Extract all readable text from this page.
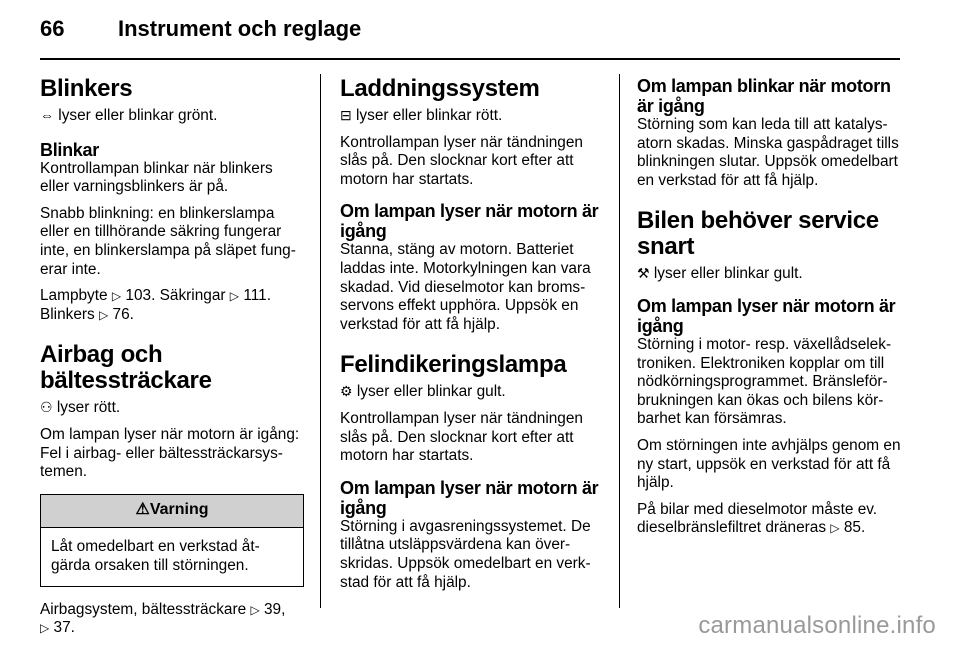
66 Instrument och reglage
Blinkers

⇔ lyser eller blinkar grönt.

Blinkar

Kontrollampan blinkar när blinkers eller varningsblinkers är på.

Snabb blinkning: en blinkerslampa eller en tillhörande säkring fungerar inte, en blinkerslampa på släpet fungerar inte.

Lampbyte ▷ 103. Säkringar ▷ 111.
Blinkers ▷ 76.

Airbag och bältessträckare

⚇ lyser rött.

Om lampan lyser när motorn är igång: Fel i airbag- eller bältessträckarsystemen.

⚠Varning

Låt omedelbart en verkstad åtgärda orsaken till störningen.

Airbagsystem, bältessträckare ▷ 39,
▷ 37.

Laddningssystem

⊟ lyser eller blinkar rött.

Kontrollampan lyser när tändningen slås på. Den slocknar kort efter att motorn har startats.

Om lampan lyser när motorn är igång

Stanna, stäng av motorn. Batteriet laddas inte. Motorkylningen kan vara skadad. Vid dieselmotor kan bromsservons effekt upphöra. Uppsök en verkstad för att få hjälp.

Felindikeringslampa

⚙ lyser eller blinkar gult.

Kontrollampan lyser när tändningen slås på. Den slocknar kort efter att motorn har startats.

Om lampan lyser när motorn är igång

Störning i avgasreningssystemet. De tillåtna utsläppsvärdena kan överskridas. Uppsök omedelbart en verkstad för att få hjälp.

Om lampan blinkar när motorn är igång

Störning som kan leda till att katalysatorn skadas. Minska gaspådraget tills blinkningen slutar. Uppsök omedelbart en verkstad för att få hjälp.

Bilen behöver service snart

⚒ lyser eller blinkar gult.

Om lampan lyser när motorn är igång

Störning i motor- resp. växellådselektroniken. Elektroniken kopplar om till nödkörningsprogrammet. Bränsleförbrukningen kan ökas och bilens körbarhet kan försämras.

Om störningen inte avhjälps genom en ny start, uppsök en verkstad för att få hjälp.

På bilar med dieselmotor måste ev. dieselbränslefiltret dräneras ▷ 85.

carmanualsonline.info
